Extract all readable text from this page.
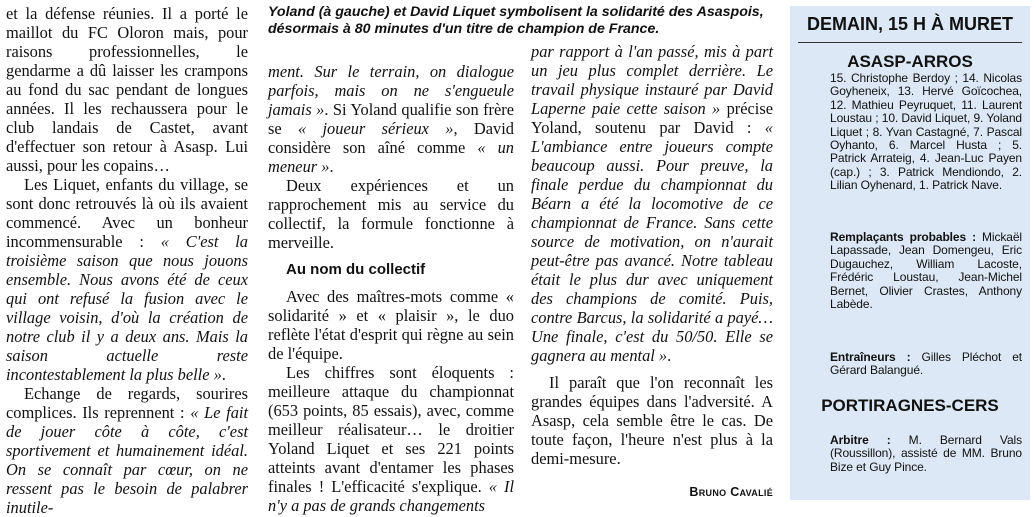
Yoland (à gauche) et David Liquet symbolisent la solidarité des Asaspois, désormais à 80 minutes d'un titre de champion de France.

et la défense réunies. Il a porté le maillot du FC Oloron mais, pour raisons professionnelles, le gendarme a dû laisser les crampons au fond du sac pendant de longues années. Il les rechaussera pour le club landais de Castet, avant d'effectuer son retour à Asasp. Lui aussi, pour les copains…

Les Liquet, enfants du village, se sont donc retrouvés là où ils avaient commencé. Avec un bonheur incommensurable : « C'est la troisième saison que nous jouons ensemble. Nous avons été de ceux qui ont refusé la fusion avec le village voisin, d'où la création de notre club il y a deux ans. Mais la saison actuelle reste incontestablement la plus belle ».

Echange de regards, sourires complices. Ils reprennent : « Le fait de jouer côte à côte, c'est sportivement et humainement idéal. On se connaît par cœur, on ne ressent pas le besoin de palabrer inutile-

ment. Sur le terrain, on dialogue parfois, mais on ne s'engueule jamais ». Si Yoland qualifie son frère se « joueur sérieux », David considère son aîné comme « un meneur ».

Deux expériences et un rapprochement mis au service du collectif, la formule fonctionne à merveille.

Au nom du collectif

Avec des maîtres-mots comme « solidarité » et « plaisir », le duo reflète l'état d'esprit qui règne au sein de l'équipe.

Les chiffres sont éloquents : meilleure attaque du championnat (653 points, 85 essais), avec, comme meilleur réalisateur… le droitier Yoland Liquet et ses 221 points atteints avant d'entamer les phases finales ! L'efficacité s'explique. « Il n'y a pas de grands changements

par rapport à l'an passé, mis à part un jeu plus complet derrière. Le travail physique instauré par David Laperne paie cette saison » précise Yoland, soutenu par David : « L'ambiance entre joueurs compte beaucoup aussi. Pour preuve, la finale perdue du championnat du Béarn a été la locomotive de ce championnat de France. Sans cette source de motivation, on n'aurait peut-être pas avancé. Notre tableau était le plus dur avec uniquement des champions de comité. Puis, contre Barcus, la solidarité a payé… Une finale, c'est du 50/50. Elle se gagnera au mental ».

Il paraît que l'on reconnaît les grandes équipes dans l'adversité. A Asasp, cela semble être le cas. De toute façon, l'heure n'est plus à la demi-mesure.

Bruno Cavalié
DEMAIN, 15 H À MURET
ASASP-ARROS
15. Christophe Berdoy ; 14. Nicolas Goyheneix, 13. Hervé Goïcochea, 12. Mathieu Peyruquet, 11. Laurent Loustau ; 10. David Liquet, 9. Yoland Liquet ; 8. Yvan Castagné, 7. Pascal Oyhanto, 6. Marcel Husta ; 5. Patrick Arrateig, 4. Jean-Luc Payen (cap.) ; 3. Patrick Mendiondo, 2. Lilian Oyhenard, 1. Patrick Nave.
Remplaçants probables : Mickaël Lapassade, Jean Domengeu, Eric Dugauchez, William Lacoste, Frédéric Loustau, Jean-Michel Bernet, Olivier Crastes, Anthony Labède.
Entraîneurs : Gilles Pléchot et Gérard Balangué.
PORTIRAGNES-CERS
Arbitre : M. Bernard Vals (Roussillon), assisté de MM. Bruno Bize et Guy Pince.
